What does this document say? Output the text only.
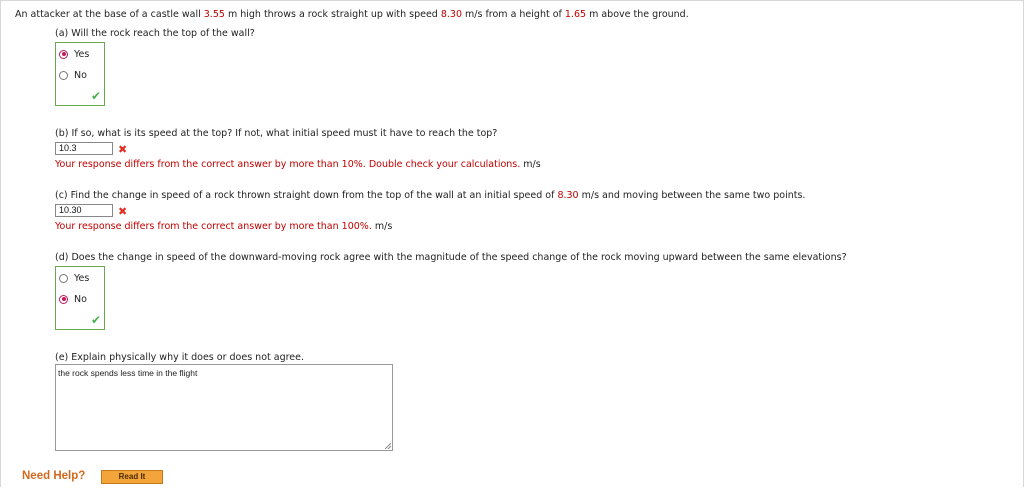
An attacker at the base of a castle wall 3.55 m high throws a rock straight up with speed 8.30 m/s from a height of 1.65 m above the ground.
(a) Will the rock reach the top of the wall?
Yes
No
✔
(b) If so, what is its speed at the top? If not, what initial speed must it have to reach the top?
10.3	✖
Your response differs from the correct answer by more than 10%. Double check your calculations. m/s
(c) Find the change in speed of a rock thrown straight down from the top of the wall at an initial speed of 8.30 m/s and moving between the same two points.
10.30	✖
Your response differs from the correct answer by more than 100%. m/s
(d) Does the change in speed of the downward-moving rock agree with the magnitude of the speed change of the rock moving upward between the same elevations?
Yes
No
✔
(e) Explain physically why it does or does not agree.
the rock spends less time in the flight
Need Help?	Read It
